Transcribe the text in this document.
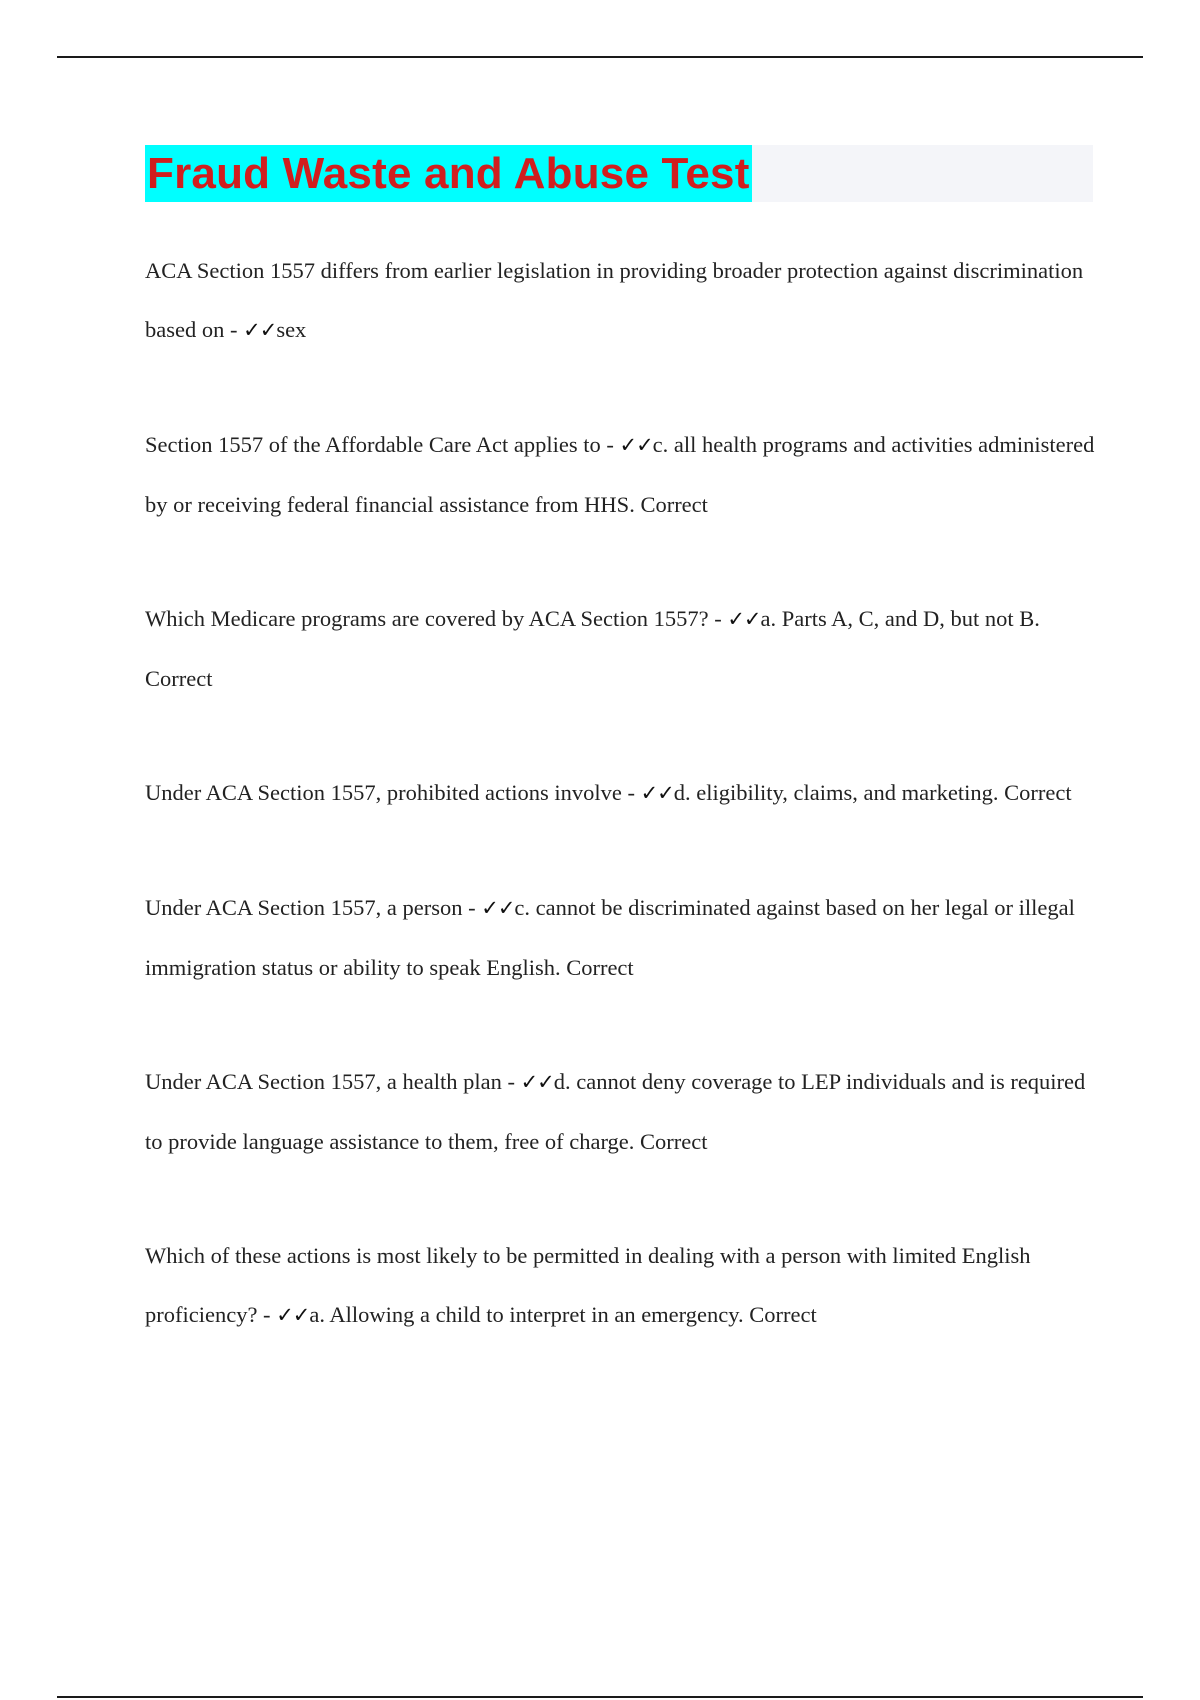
Fraud Waste and Abuse Test

ACA Section 1557 differs from earlier legislation in providing broader protection against discrimination based on - ✓✓sex

Section 1557 of the Affordable Care Act applies to - ✓✓c. all health programs and activities administered by or receiving federal financial assistance from HHS. Correct

Which Medicare programs are covered by ACA Section 1557? - ✓✓a. Parts A, C, and D, but not B. Correct

Under ACA Section 1557, prohibited actions involve - ✓✓d. eligibility, claims, and marketing. Correct

Under ACA Section 1557, a person - ✓✓c. cannot be discriminated against based on her legal or illegal immigration status or ability to speak English. Correct

Under ACA Section 1557, a health plan - ✓✓d. cannot deny coverage to LEP individuals and is required to provide language assistance to them, free of charge. Correct

Which of these actions is most likely to be permitted in dealing with a person with limited English proficiency? - ✓✓a. Allowing a child to interpret in an emergency. Correct
